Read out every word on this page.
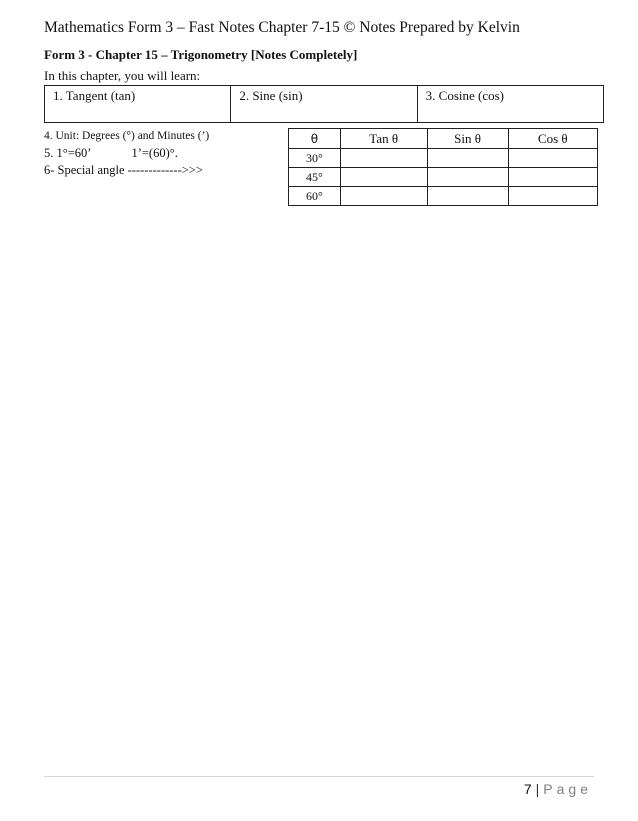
Mathematics Form 3 – Fast Notes Chapter 7-15 © Notes Prepared by Kelvin
Form 3 - Chapter 15 – Trigonometry [Notes Completely]
In this chapter, you will learn:
1. Tangent (tan)	2. Sine (sin)	3. Cosine (cos)
4. Unit: Degrees (°) and Minutes (’)
5. 1°=60’	1’=(60)°.
6- Special angle ------------->>>
θ	Tan θ	Sin θ	Cos θ
30°			
45°			
60°			
7 | Page
